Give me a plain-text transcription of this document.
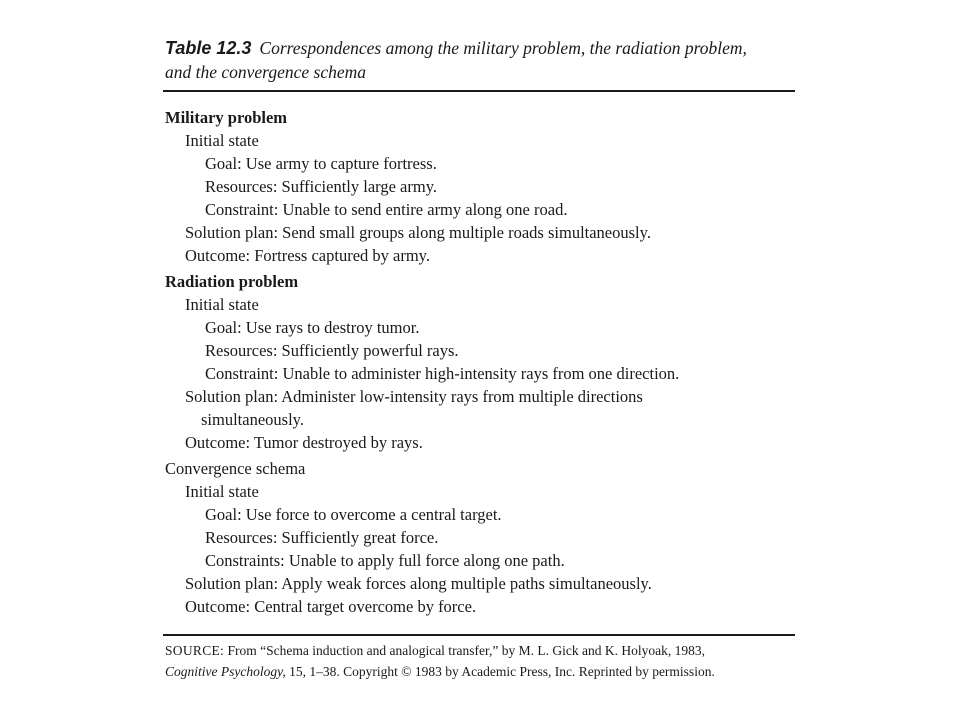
Table 12.3 Correspondences among the military problem, the radiation problem,
and the convergence schema
Military problem
Initial state
Goal: Use army to capture fortress.
Resources: Sufficiently large army.
Constraint: Unable to send entire army along one road.
Solution plan: Send small groups along multiple roads simultaneously.
Outcome: Fortress captured by army.
Radiation problem
Initial state
Goal: Use rays to destroy tumor.
Resources: Sufficiently powerful rays.
Constraint: Unable to administer high-intensity rays from one direction.
Solution plan: Administer low-intensity rays from multiple directions
simultaneously.
Outcome: Tumor destroyed by rays.
Convergence schema
Initial state
Goal: Use force to overcome a central target.
Resources: Sufficiently great force.
Constraints: Unable to apply full force along one path.
Solution plan: Apply weak forces along multiple paths simultaneously.
Outcome: Central target overcome by force.
SOURCE: From “Schema induction and analogical transfer,” by M. L. Gick and K. Holyoak, 1983,
Cognitive Psychology, 15, 1–38. Copyright © 1983 by Academic Press, Inc. Reprinted by permission.
